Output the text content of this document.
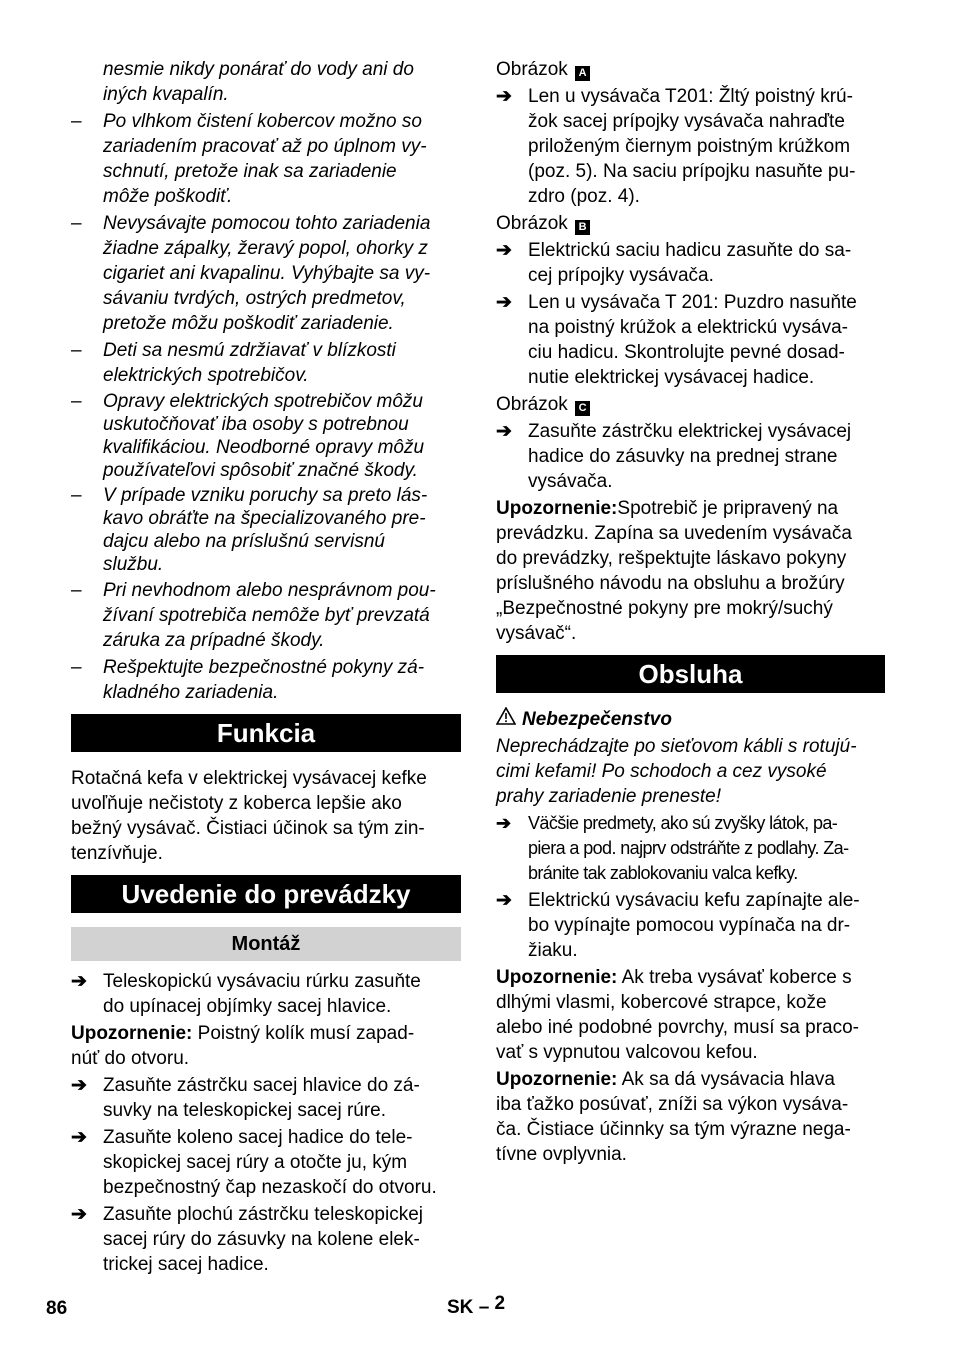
nesmie nikdy ponárať do vody ani do
iných kvapalín.
– Po vlhkom čistení kobercov možno so
zariadením pracovať až po úplnom vy-
schnutí, pretože inak sa zariadenie
môže poškodiť.
– Nevysávajte pomocou tohto zariadenia
žiadne zápalky, žeravý popol, ohorky z
cigariet ani kvapalinu. Vyhýbajte sa vy-
sávaniu tvrdých, ostrých predmetov,
pretože môžu poškodiť zariadenie.
– Deti sa nesmú zdržiavať v blízkosti
elektrických spotrebičov.
– Opravy elektrických spotrebičov môžu
uskutočňovať iba osoby s potrebnou
kvalifikáciou. Neodborné opravy môžu
používateľovi spôsobiť značné škody.
– V prípade vzniku poruchy sa preto lás-
kavo obráťte na špecializovaného pre-
dajcu alebo na príslušnú servisnú
službu.
– Pri nevhodnom alebo nesprávnom pou-
žívaní spotrebiča nemôže byť prevzatá
záruka za prípadné škody.
– Rešpektujte bezpečnostné pokyny zá-
kladného zariadenia.
Funkcia
Rotačná kefa v elektrickej vysávacej kefke
uvoľňuje nečistoty z koberca lepšie ako
bežný vysávač. Čistiaci účinok sa tým zin-
tenzívňuje.
Uvedenie do prevádzky
Montáž
➔ Teleskopickú vysávaciu rúrku zasuňte
do upínacej objímky sacej hlavice.
Upozornenie: Poistný kolík musí zapad-
núť do otvoru.
➔ Zasuňte zástrčku sacej hlavice do zá-
suvky na teleskopickej sacej rúre.
➔ Zasuňte koleno sacej hadice do tele-
skopickej sacej rúry a otočte ju, kým
bezpečnostný čap nezaskočí do otvoru.
➔ Zasuňte plochú zástrčku teleskopickej
sacej rúry do zásuvky na kolene elek-
trickej sacej hadice.
Obrázok A
➔ Len u vysávača T201: Žltý poistný krú-
žok sacej prípojky vysávača nahraďte
priloženým čiernym poistným krúžkom
(poz. 5). Na saciu prípojku nasuňte pu-
zdro (poz. 4).
Obrázok B
➔ Elektrickú saciu hadicu zasuňte do sa-
cej prípojky vysávača.
➔ Len u vysávača T 201: Puzdro nasuňte
na poistný krúžok a elektrickú vysáva-
ciu hadicu. Skontrolujte pevné dosad-
nutie elektrickej vysávacej hadice.
Obrázok C
➔ Zasuňte zástrčku elektrickej vysávacej
hadice do zásuvky na prednej strane
vysávača.
Upozornenie:Spotrebič je pripravený na
prevádzku. Zapína sa uvedením vysávača
do prevádzky, rešpektujte láskavo pokyny
príslušného návodu na obsluhu a brožúry
„Bezpečnostné pokyny pre mokrý/suchý
vysávač“.
Obsluha
Nebezpečenstvo
Neprechádzajte po sieťovom kábli s rotujú-
cimi kefami! Po schodoch a cez vysoké
prahy zariadenie preneste!
➔ Väčšie predmety, ako sú zvyšky látok, pa-
piera a pod. najprv odstráňte z podlahy. Za-
bránite tak zablokovaniu valca kefky.
➔ Elektrickú vysávaciu kefu zapínajte ale-
bo vypínajte pomocou vypínača na dr-
žiaku.
Upozornenie: Ak treba vysávať koberce s
dlhými vlasmi, kobercové strapce, kože
alebo iné podobné povrchy, musí sa praco-
vať s vypnutou valcovou kefou.
Upozornenie: Ak sa dá vysávacia hlava
iba ťažko posúvať, zníži sa výkon vysáva-
ča. Čistiace účinnky sa tým výrazne nega-
tívne ovplyvnia.
86	SK – 2
